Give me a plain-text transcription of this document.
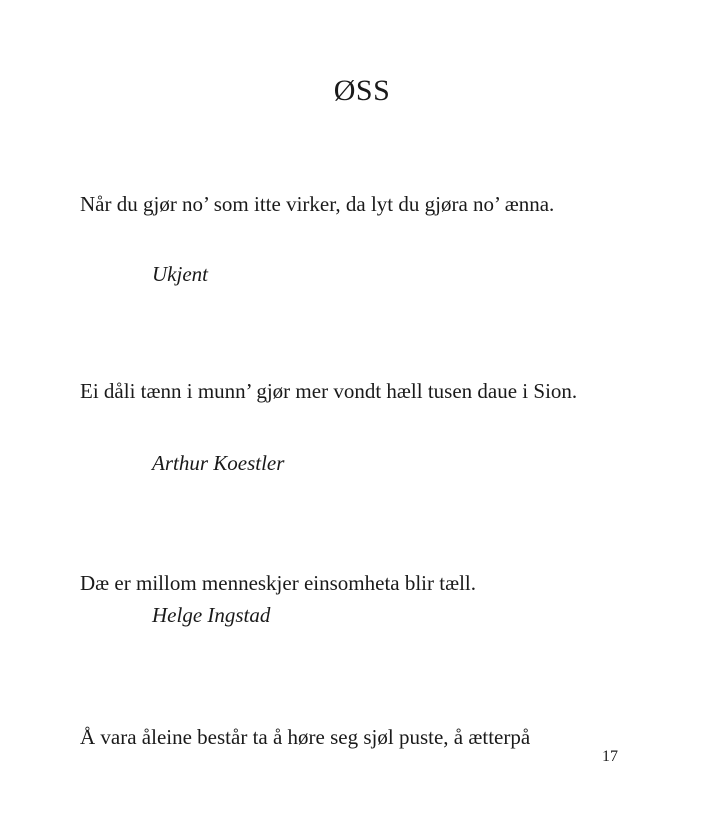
ØSS
Når du gjør no’ som itte virker, da lyt du gjøra no’ ænna.
Ukjent
Ei dåli tænn i munn’ gjør mer vondt hæll tusen daue i Sion.
Arthur Koestler
Dæ er millom menneskjer einsomheta blir tæll.
Helge Ingstad
Å vara åleine består ta å høre seg sjøl puste, å ætterpå
17
